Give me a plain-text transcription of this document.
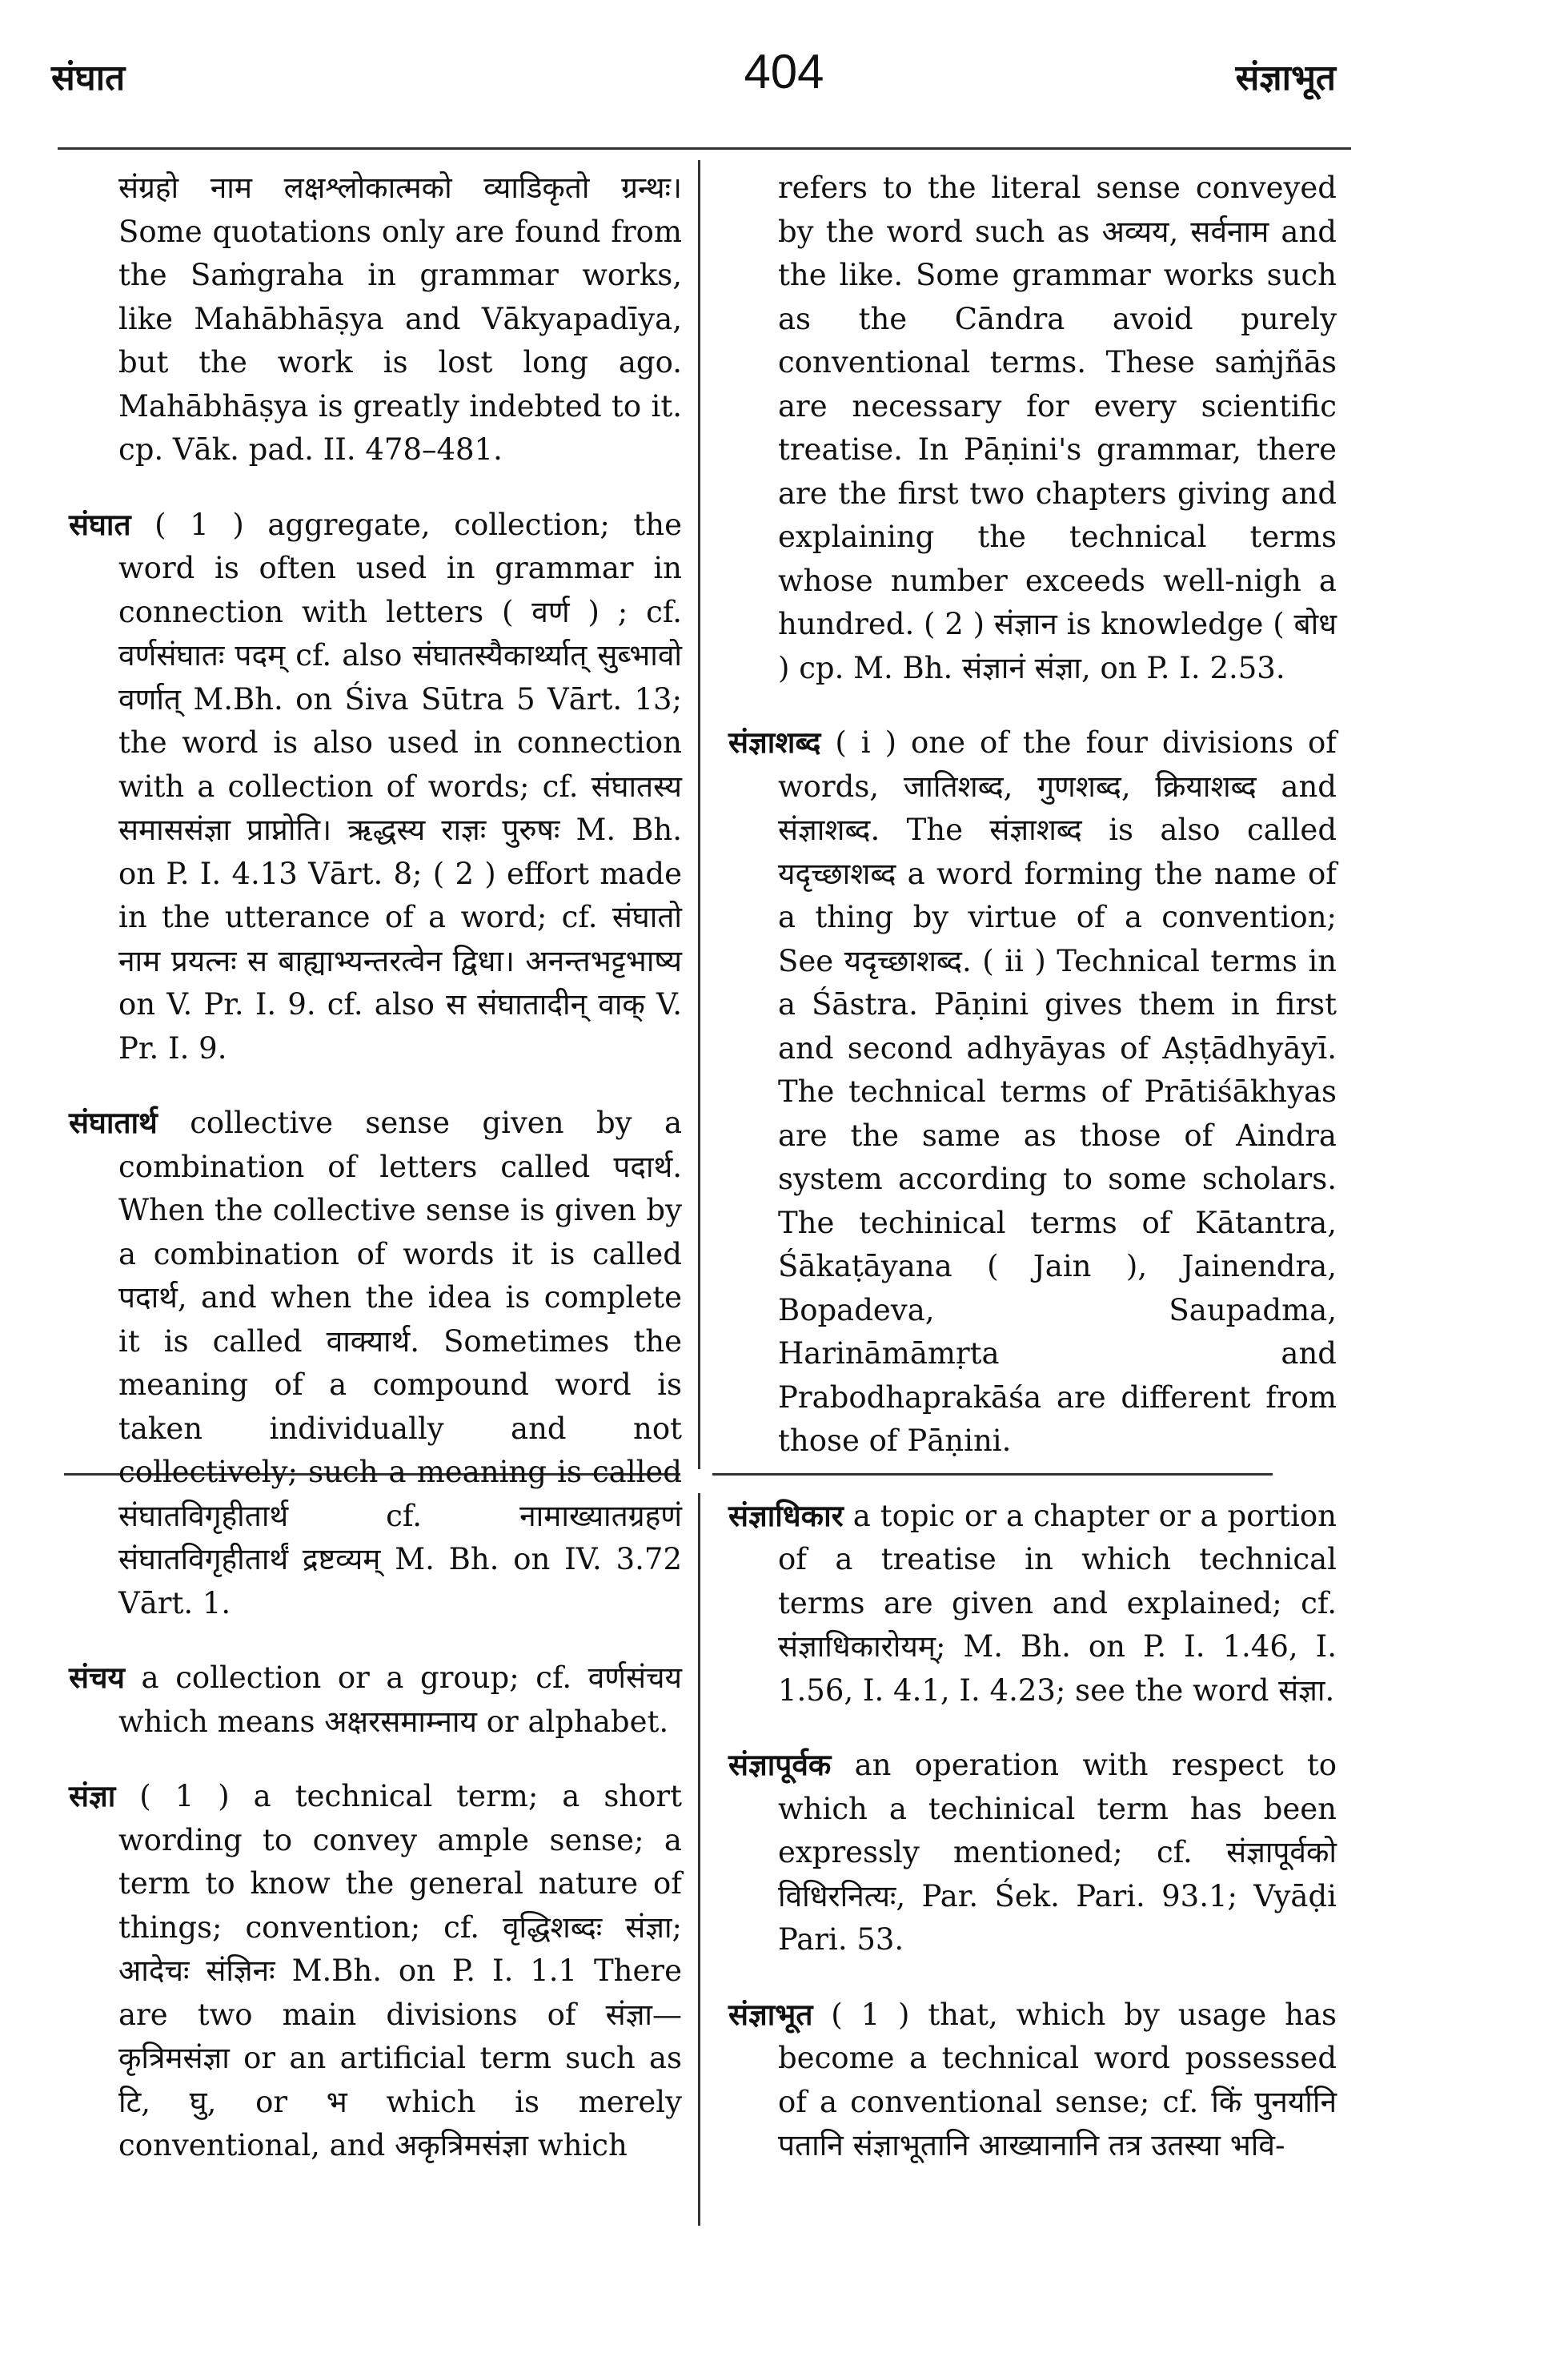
संघात	404	संज्ञाभूत

संग्रहो नाम लक्षश्लोकात्मको व्याडिकृतो ग्रन्थः। Some quotations only are found from the Saṁgraha in grammar works, like Mahābhāṣya and Vākyapadīya, but the work is lost long ago. Mahābhāṣya is greatly indebted to it. cp. Vāk. pad. II. 478–481.

संघात ( 1 ) aggregate, collection; the word is often used in grammar in connection with letters ( वर्ण ) ; cf. वर्णसंघातः पदम् cf. also संघातस्यैकार्थ्यात् सुब्भावो वर्णात् M.Bh. on Śiva Sūtra 5 Vārt. 13; the word is also used in connection with a collection of words; cf. संघातस्य समाससंज्ञा प्राप्नोति। ऋद्धस्य राज्ञः पुरुषः M. Bh. on P. I. 4.13 Vārt. 8; ( 2 ) effort made in the utterance of a word; cf. संघातो नाम प्रयत्नः स बाह्याभ्यन्तरत्वेन द्विधा। अनन्तभट्टभाष्य on V. Pr. I. 9. cf. also स संघातादीन् वाक् V. Pr. I. 9.

संघातार्थ collective sense given by a combination of letters called पदार्थ. When the collective sense is given by a combination of words it is called पदार्थ, and when the idea is complete it is called वाक्यार्थ. Sometimes the meaning of a compound word is taken individually and not collectively; such a meaning is called संघातविगृहीतार्थ cf. नामाख्यातग्रहणं संघातविगृहीतार्थं द्रष्टव्यम् M. Bh. on IV. 3.72 Vārt. 1.

संचय a collection or a group; cf. वर्णसंचय which means अक्षरसमाम्नाय or alphabet.

संज्ञा ( 1 ) a technical term; a short wording to convey ample sense; a term to know the general nature of things; convention; cf. वृद्धिशब्दः संज्ञा; आदेचः संज्ञिनः M.Bh. on P. I. 1.1 There are two main divisions of संज्ञा—कृत्रिमसंज्ञा or an artificial term such as टि, घु, or भ which is merely conventional, and अकृत्रिमसंज्ञा which

refers to the literal sense conveyed by the word such as अव्यय, सर्वनाम and the like. Some grammar works such as the Cāndra avoid purely conventional terms. These saṁjñās are necessary for every scientific treatise. In Pāṇini's grammar, there are the first two chapters giving and explaining the technical terms whose number exceeds well-nigh a hundred. ( 2 ) संज्ञान is knowledge ( बोध ) cp. M. Bh. संज्ञानं संज्ञा, on P. I. 2.53.

संज्ञाशब्द ( i ) one of the four divisions of words, जातिशब्द, गुणशब्द, क्रियाशब्द and संज्ञाशब्द. The संज्ञाशब्द is also called यदृच्छाशब्द a word forming the name of a thing by virtue of a convention; See यदृच्छाशब्द. ( ii ) Technical terms in a Śāstra. Pāṇini gives them in first and second adhyāyas of Aṣṭādhyāyī. The technical terms of Prātiśākhyas are the same as those of Aindra system according to some scholars. The techinical terms of Kātantra, Śākaṭāyana ( Jain ), Jainendra, Bopadeva, Saupadma, Harināmāmṛta and Prabodhaprakāśa are different from those of Pāṇini.

संज्ञाधिकार a topic or a chapter or a portion of a treatise in which technical terms are given and explained; cf. संज्ञाधिकारोयम्; M. Bh. on P. I. 1.46, I. 1.56, I. 4.1, I. 4.23; see the word संज्ञा.

संज्ञापूर्वक an operation with respect to which a techinical term has been expressly mentioned; cf. संज्ञापूर्वको विधिरनित्यः, Par. Śek. Pari. 93.1; Vyāḍi Pari. 53.

संज्ञाभूत ( 1 ) that, which by usage has become a technical word possessed of a conventional sense; cf. किं पुनर्यानि पतानि संज्ञाभूतानि आख्यानानि तत्र उतस्या भवि-
